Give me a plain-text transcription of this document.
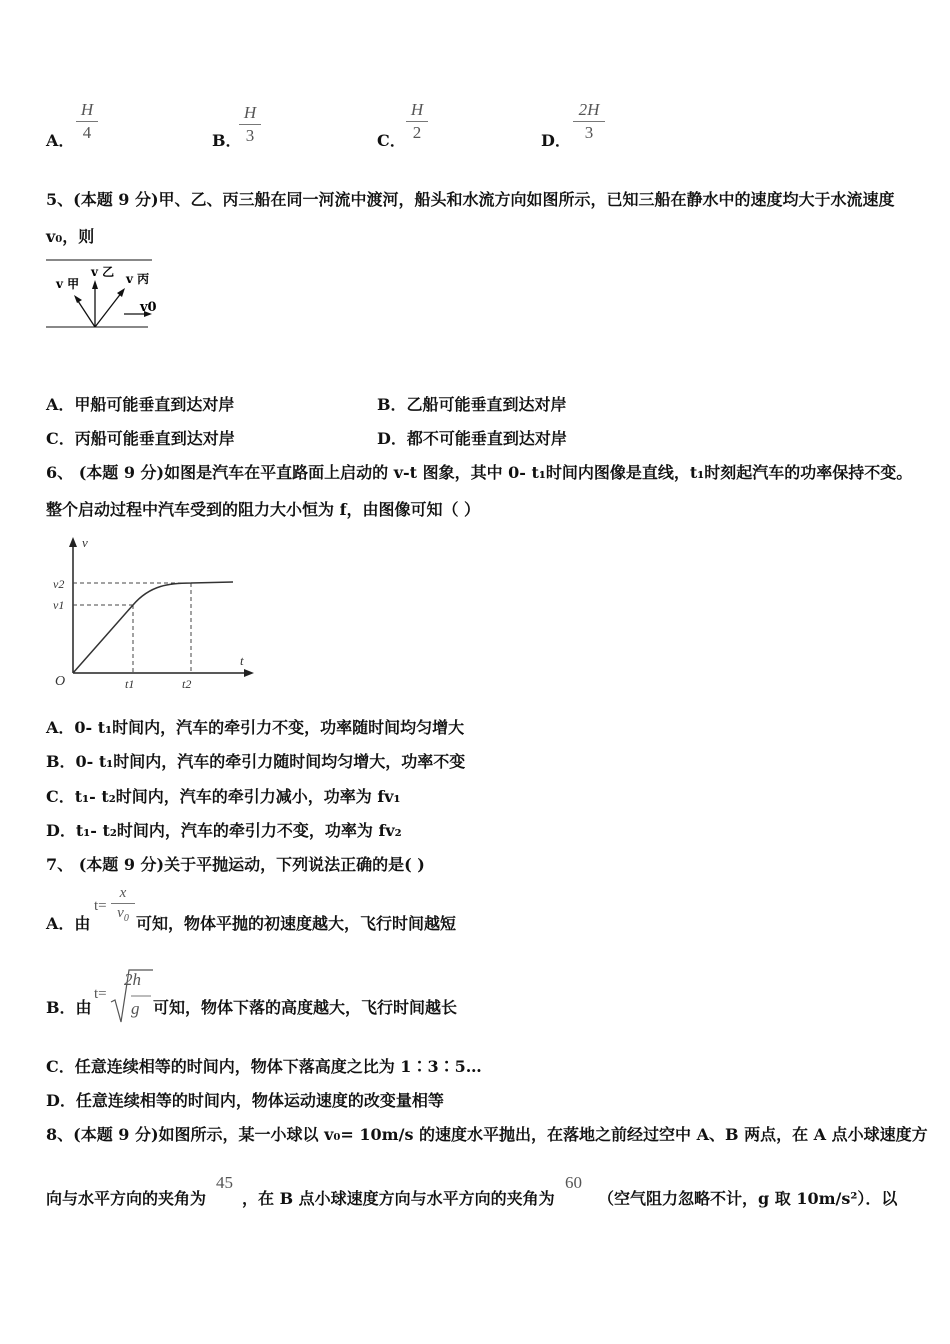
A．
H
4	B．
H
3	C．
H
2	D．
2H
3
5、(本题 9 分)甲、乙、丙三船在同一河流中渡河，船头和水流方向如图所示，已知三船在静水中的速度均大于水流速度
v₀，则
v 甲
v 乙 v 丙
v0
A．甲船可能垂直到达对岸	B．乙船可能垂直到达对岸
C．丙船可能垂直到达对岸	D．都不可能垂直到达对岸
6、 (本题 9 分)如图是汽车在平直路面上启动的 v-t 图象，其中 0- t₁时间内图像是直线，t₁时刻起汽车的功率保持不变。
整个启动过程中汽车受到的阻力大小恒为 f，由图像可知（ ）
v
t
O
v2
v1
t1	t2
A．0- t₁时间内，汽车的牵引力不变，功率随时间均匀增大
B．0- t₁时间内，汽车的牵引力随时间均匀增大，功率不变
C．t₁- t₂时间内，汽车的牵引力减小，功率为 fv₁
D．t₁- t₂时间内，汽车的牵引力不变，功率为 fv₂
7、 (本题 9 分)关于平抛运动，下列说法正确的是( )
A．由
t=
x
$v_0$ 可知，物体平抛的初速度越大，飞行时间越短
B．由
t=
2h
g 可知，物体下落的高度越大，飞行时间越长
C．任意连续相等的时间内，物体下落高度之比为 1∶3∶5…
D．任意连续相等的时间内，物体运动速度的改变量相等
8、(本题 9 分)如图所示，某一小球以 v₀= 10m/s 的速度水平抛出，在落地之前经过空中 A、B 两点，在 A 点小球速度方
向与水平方向的夹角为
45
，在 B 点小球速度方向与水平方向的夹角为
60
（空气阻力忽略不计，g 取 10m/s²）．以
